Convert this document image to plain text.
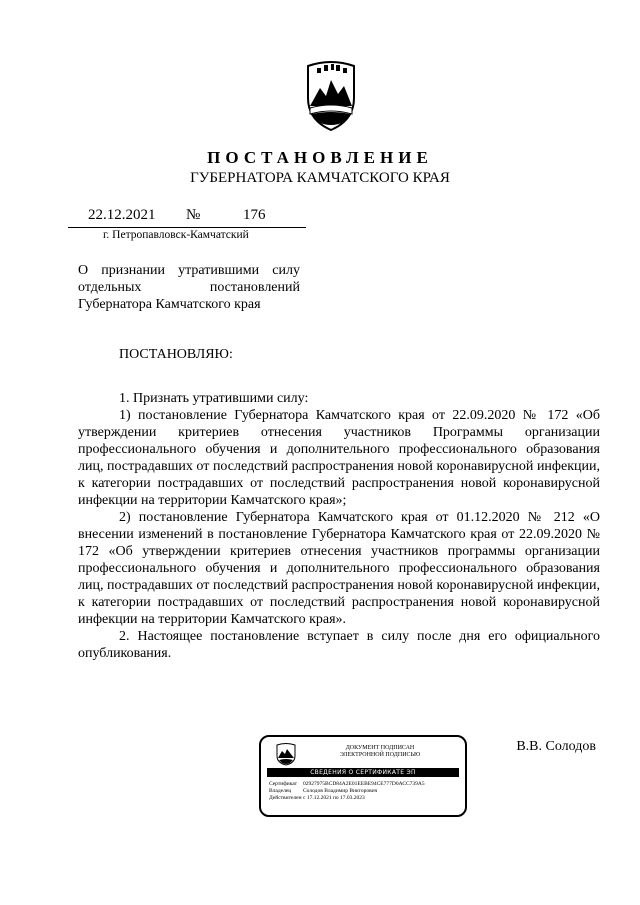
ПОСТАНОВЛЕНИЕ
ГУБЕРНАТОРА КАМЧАТСКОГО КРАЯ
22.12.2021 №	176
г. Петропавловск-Камчатский
О признании утратившими силу
отдельных постановлений
Губернатора Камчатского края
ПОСТАНОВЛЯЮ:

1. Признать утратившими силу:

1) постановление Губернатора Камчатского края от 22.09.2020 № 172 «Об утверждении критериев отнесения участников Программы организации профессионального обучения и дополнительного профессионального образования лиц, пострадавших от последствий распространения новой коронавирусной инфекции, к категории пострадавших от последствий распространения новой коронавирусной инфекции на территории Камчатского края»;

2) постановление Губернатора Камчатского края от 01.12.2020 № 212 «О внесении изменений в постановление Губернатора Камчатского края от 22.09.2020 № 172 «Об утверждении критериев отнесения участников программы организации профессионального обучения и дополнительного профессионального образования лиц, пострадавших от последствий распространения новой коронавирусной инфекции, к категории пострадавших от последствий распространения новой коронавирусной инфекции на территории Камчатского края».

2. Настоящее постановление вступает в силу после дня его официального опубликования.

ДОКУМЕНТ ПОДПИСАН
ЭЛЕКТРОННОЙ ПОДПИСЬЮ
СВЕДЕНИЯ О СЕРТИФИКАТЕ ЭП
Сертификат	02927975ВСD84A2Е01ЕЕВЕ94СЕ777D0АСС739А5
Владелец	Солодов Владимир Викторович
Действителен с 17.12.2021 по 17.03.2023
В.В. Солодов
